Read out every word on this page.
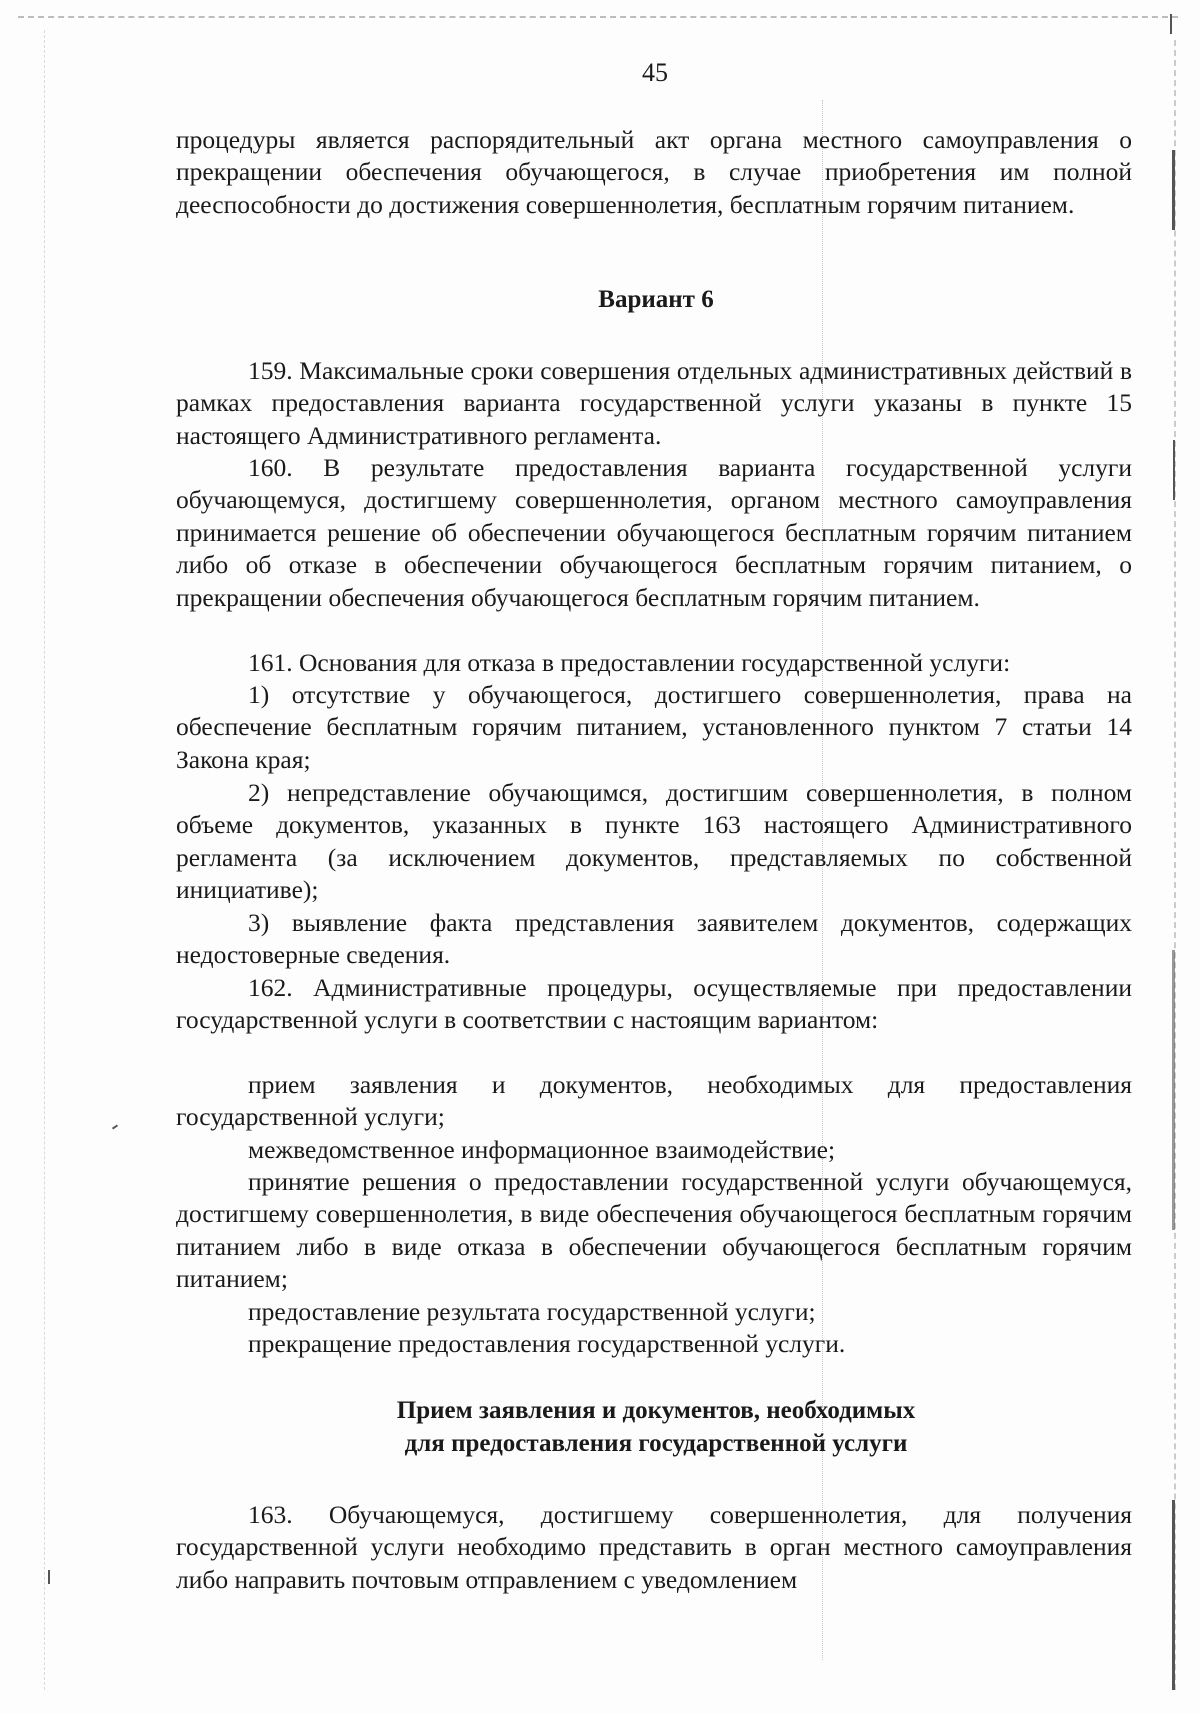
45

процедуры является распорядительный акт органа местного самоуправления о прекращении обеспечения обучающегося, в случае приобретения им полной дееспособности до достижения совершеннолетия, бесплатным горячим питанием.

Вариант 6

159. Максимальные сроки совершения отдельных административных действий в рамках предоставления варианта государственной услуги указаны в пункте 15 настоящего Административного регламента.

160. В результате предоставления варианта государственной услуги обучающемуся, достигшему совершеннолетия, органом местного самоуправления принимается решение об обеспечении обучающегося бесплатным горячим питанием либо об отказе в обеспечении обучающегося бесплатным горячим питанием, о прекращении обеспечения обучающегося бесплатным горячим питанием.

161. Основания для отказа в предоставлении государственной услуги:

1) отсутствие у обучающегося, достигшего совершеннолетия, права на обеспечение бесплатным горячим питанием, установленного пунктом 7 статьи 14 Закона края;

2) непредставление обучающимся, достигшим совершеннолетия, в полном объеме документов, указанных в пункте 163 настоящего Административного регламента (за исключением документов, представляемых по собственной инициативе);

3) выявление факта представления заявителем документов, содержащих недостоверные сведения.

162. Административные процедуры, осуществляемые при предоставлении государственной услуги в соответствии с настоящим вариантом:

прием заявления и документов, необходимых для предоставления государственной услуги;

межведомственное информационное взаимодействие;

принятие решения о предоставлении государственной услуги обучающемуся, достигшему совершеннолетия, в виде обеспечения обучающегося бесплатным горячим питанием либо в виде отказа в обеспечении обучающегося бесплатным горячим питанием;

предоставление результата государственной услуги;

прекращение предоставления государственной услуги.

Прием заявления и документов, необходимых
для предоставления государственной услуги

163. Обучающемуся, достигшему совершеннолетия, для получения государственной услуги необходимо представить в орган местного самоуправления либо направить почтовым отправлением с уведомлением
